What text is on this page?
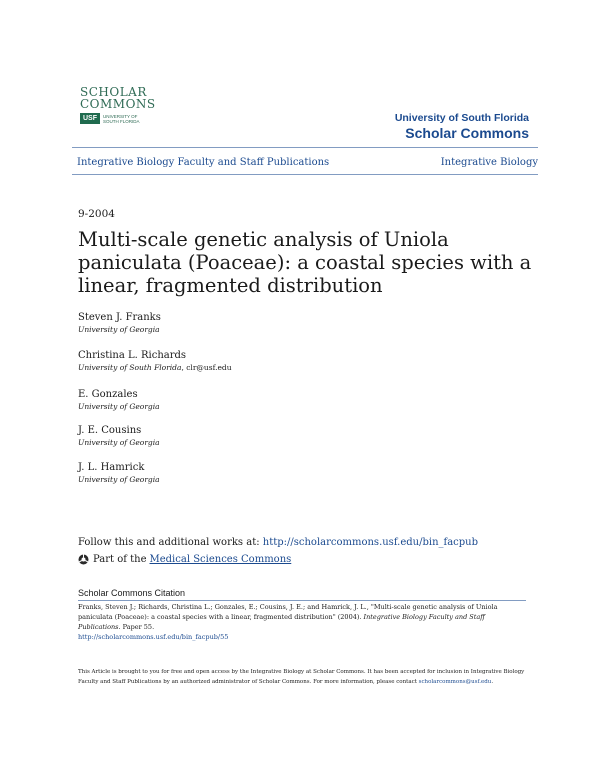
SCHOLAR
COMMONS
USF	UNIVERSITY OF
SOUTH FLORIDA	University of South Florida
Scholar Commons
Integrative Biology Faculty and Staff Publications	Integrative Biology
9-2004
Multi-scale genetic analysis of Uniola paniculata (Poaceae): a coastal species with a linear, fragmented distribution
Steven J. Franks
University of Georgia
Christina L. Richards
University of South Florida, clr@usf.edu
E. Gonzales
University of Georgia
J. E. Cousins
University of Georgia
J. L. Hamrick
University of Georgia
Follow this and additional works at: http://scholarcommons.usf.edu/bin_facpub
Part of the Medical Sciences Commons
Scholar Commons Citation
Franks, Steven J.; Richards, Christina L.; Gonzales, E.; Cousins, J. E.; and Hamrick, J. L., "Multi-scale genetic analysis of Uniola paniculata (Poaceae): a coastal species with a linear, fragmented distribution" (2004). Integrative Biology Faculty and Staff Publications. Paper 55.
http://scholarcommons.usf.edu/bin_facpub/55
This Article is brought to you for free and open access by the Integrative Biology at Scholar Commons. It has been accepted for inclusion in Integrative Biology Faculty and Staff Publications by an authorized administrator of Scholar Commons. For more information, please contact scholarcommons@usf.edu.
